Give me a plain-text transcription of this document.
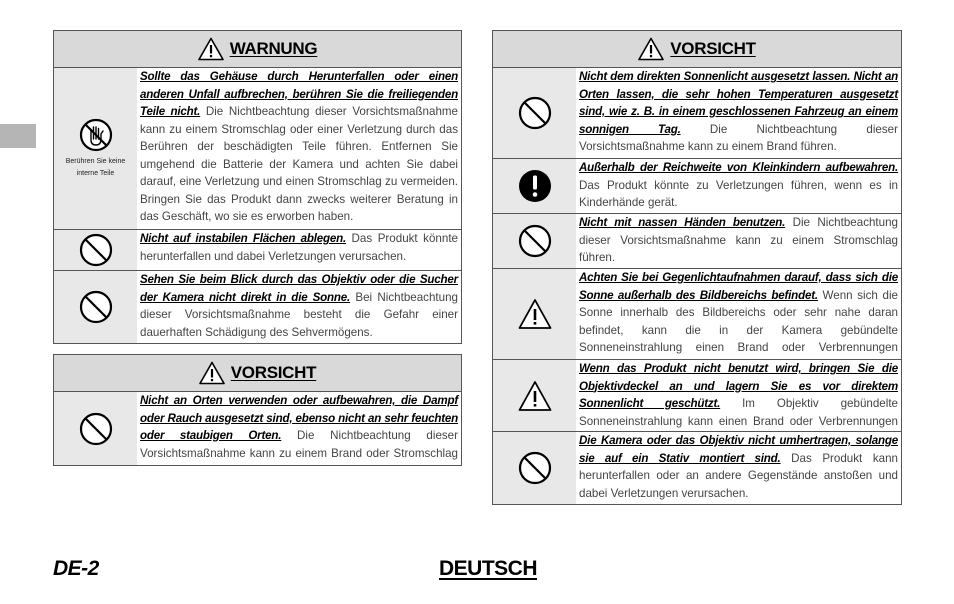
WARNUNG
Berühren Sie keine interne Teile
Sollte das Gehäuse durch Herunterfallen oder einen anderen Unfall aufbrechen, berühren Sie die freiliegenden Teile nicht. Die Nichtbeachtung dieser Vorsichtsmaßnahme kann zu einem Stromschlag oder einer Verletzung durch das Berühren der beschädigten Teile führen. Entfernen Sie umgehend die Batterie der Kamera und achten Sie dabei darauf, eine Verletzung und einen Stromschlag zu vermeiden. Bringen Sie das Produkt dann zwecks weiterer Beratung in das Geschäft, wo sie es erworben haben.
Nicht auf instabilen Flächen ablegen. Das Produkt könnte herunterfallen und dabei Verletzungen verursachen.
Sehen Sie beim Blick durch das Objektiv oder die Sucher der Kamera nicht direkt in die Sonne. Bei Nichtbeachtung dieser Vorsichtsmaßnahme besteht die Gefahr einer dauerhaften Schädigung des Sehvermögens.
VORSICHT
Nicht an Orten verwenden oder aufbewahren, die Dampf oder Rauch ausgesetzt sind, ebenso nicht an sehr feuchten oder staubigen Orten. Die Nichtbeachtung dieser Vorsichtsmaßnahme kann zu einem Brand oder Stromschlag
VORSICHT
Nicht dem direkten Sonnenlicht ausgesetzt lassen. Nicht an Orten lassen, die sehr hohen Temperaturen ausgesetzt sind, wie z. B. in einem geschlossenen Fahrzeug an einem sonnigen Tag. Die Nichtbeachtung dieser Vorsichtsmaßnahme kann zu einem Brand führen.
Außerhalb der Reichweite von Kleinkindern aufbewahren. Das Produkt könnte zu Verletzungen führen, wenn es in Kinderhände gerät.
Nicht mit nassen Händen benutzen. Die Nichtbeachtung dieser Vorsichtsmaßnahme kann zu einem Stromschlag führen.
Achten Sie bei Gegenlichtaufnahmen darauf, dass sich die Sonne außerhalb des Bildbereichs befindet. Wenn sich die Sonne innerhalb des Bildbereichs oder sehr nahe daran befindet, kann die in der Kamera gebündelte Sonneneinstrahlung einen Brand oder Verbrennungen
Wenn das Produkt nicht benutzt wird, bringen Sie die Objektivdeckel an und lagern Sie es vor direktem Sonnenlicht geschützt. Im Objektiv gebündelte Sonneneinstrahlung kann einen Brand oder Verbrennungen
Die Kamera oder das Objektiv nicht umhertragen, solange sie auf ein Stativ montiert sind. Das Produkt kann herunterfallen oder an andere Gegenstände anstoßen und dabei Verletzungen verursachen.
DE-2	DEUTSCH
